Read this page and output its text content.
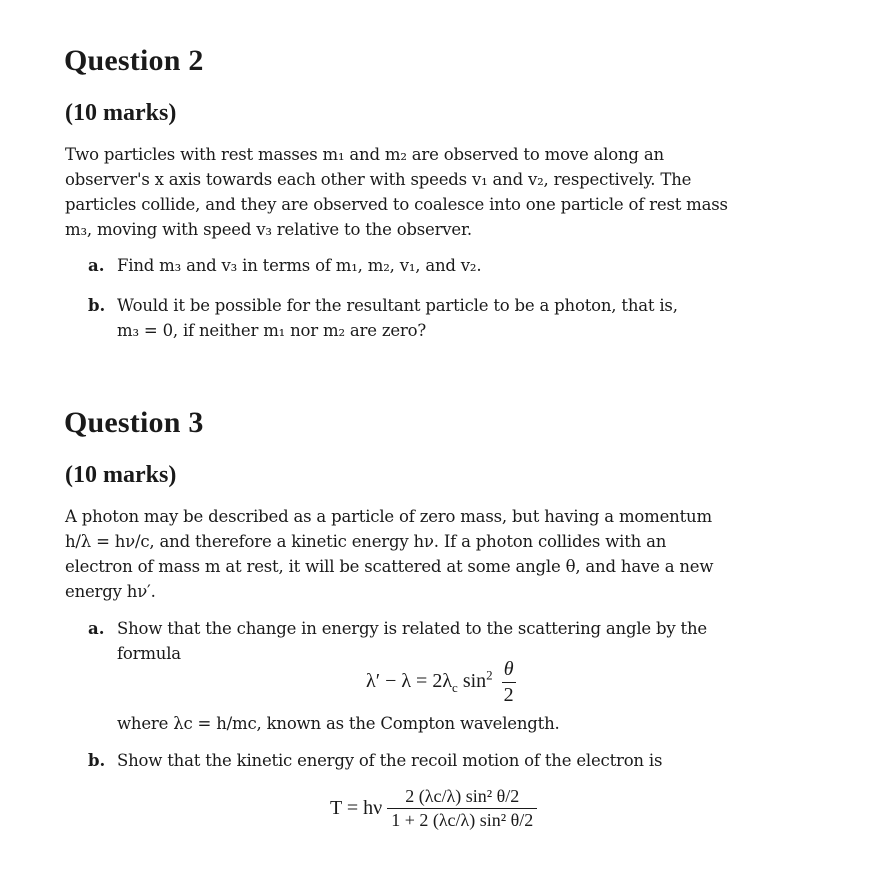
Question 2
(10 marks)
Two particles with rest masses m₁ and m₂ are observed to move along an
observer's x axis towards each other with speeds v₁ and v₂, respectively. The
particles collide, and they are observed to coalesce into one particle of rest mass
m₃, moving with speed v₃ relative to the observer.
a. Find m₃ and v₃ in terms of m₁, m₂, v₁, and v₂.
b. Would it be possible for the resultant particle to be a photon, that is,
m₃ = 0, if neither m₁ nor m₂ are zero?
Question 3
(10 marks)
A photon may be described as a particle of zero mass, but having a momentum
h/λ = hν/c, and therefore a kinetic energy hν. If a photon collides with an
electron of mass m at rest, it will be scattered at some angle θ, and have a new
energy hν′.
a. Show that the change in energy is related to the scattering angle by the
formula
$\lambda' - \lambda = 2\lambda_c$ $\sin^2 \frac{\theta}{2}$
where λc = h/mc, known as the Compton wavelength.
b. Show that the kinetic energy of the recoil motion of the electron is
T = hν $\frac{\text{2 (λc/λ) sin² θ/2}}{\text{1 + 2 (λc/λ) sin² θ/2}}$
